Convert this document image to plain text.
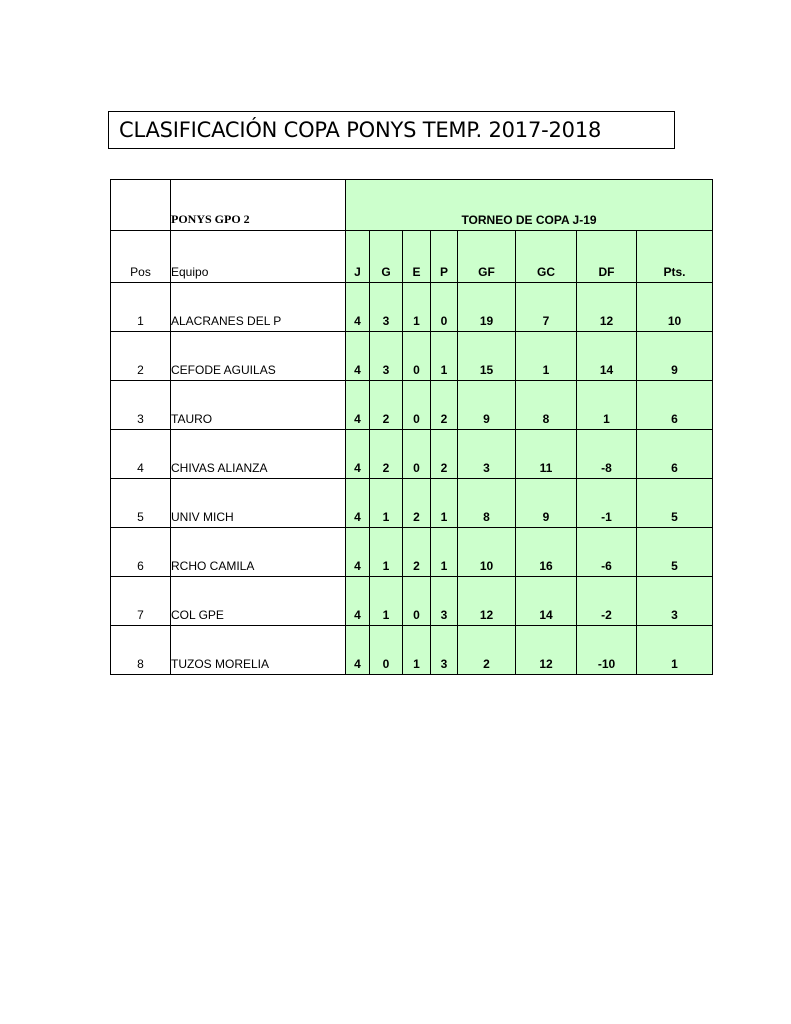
CLASIFICACIÓN COPA PONYS TEMP. 2017-2018
	PONYS GPO 2	TORNEO DE COPA J-19							
Pos	Equipo	J	G	E	P	GF	GC	DF	Pts.
1	ALACRANES DEL P	4	3	1	0	19	7	12	10
2	CEFODE AGUILAS	4	3	0	1	15	1	14	9
3	TAURO	4	2	0	2	9	8	1	6
4	CHIVAS ALIANZA	4	2	0	2	3	11	-8	6
5	UNIV MICH	4	1	2	1	8	9	-1	5
6	RCHO CAMILA	4	1	2	1	10	16	-6	5
7	COL GPE	4	1	0	3	12	14	-2	3
8	TUZOS MORELIA	4	0	1	3	2	12	-10	1
